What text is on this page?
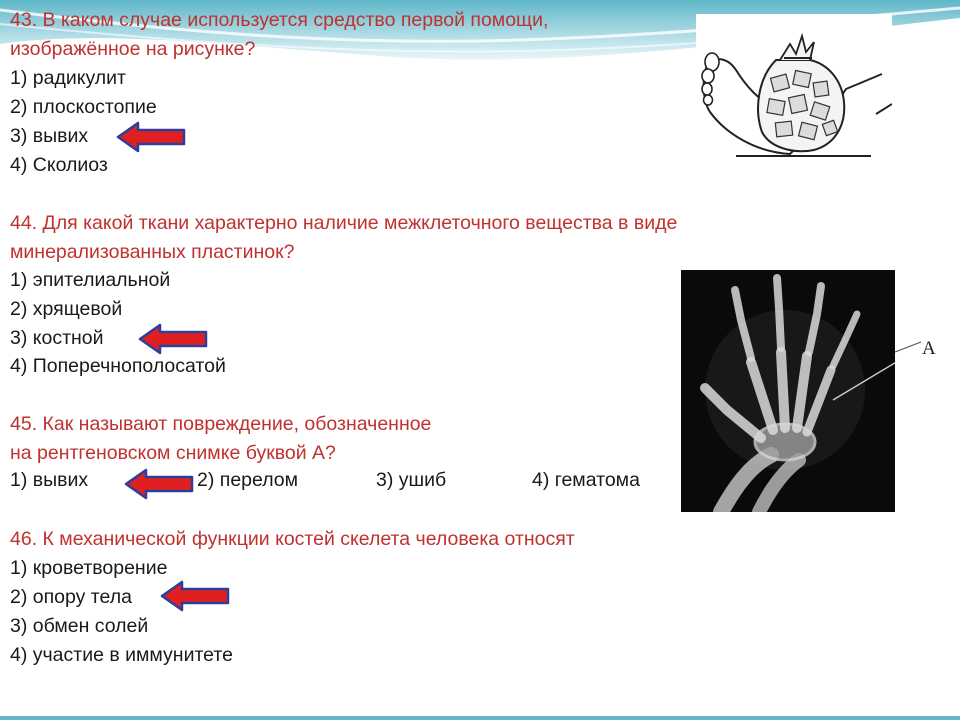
43. В каком случае используется средство первой помощи,
изображённое на рисунке?
1) радикулит
2) плоскостопие
3) вывих
4) Сколиоз
44. Для какой ткани характерно наличие межклеточного вещества в виде
минерализованных пластинок?
1) эпителиальной
2) хрящевой
3) костной
4) Поперечнополосатой
45. Как называют повреждение, обозначенное
на рентгеновском снимке буквой А?
1) вывих	2) перелом	3) ушиб	4) гематома
46. К механической функции костей скелета человека относят
1) кроветворение
2) опору тела
3) обмен солей
4) участие в иммунитете
A
